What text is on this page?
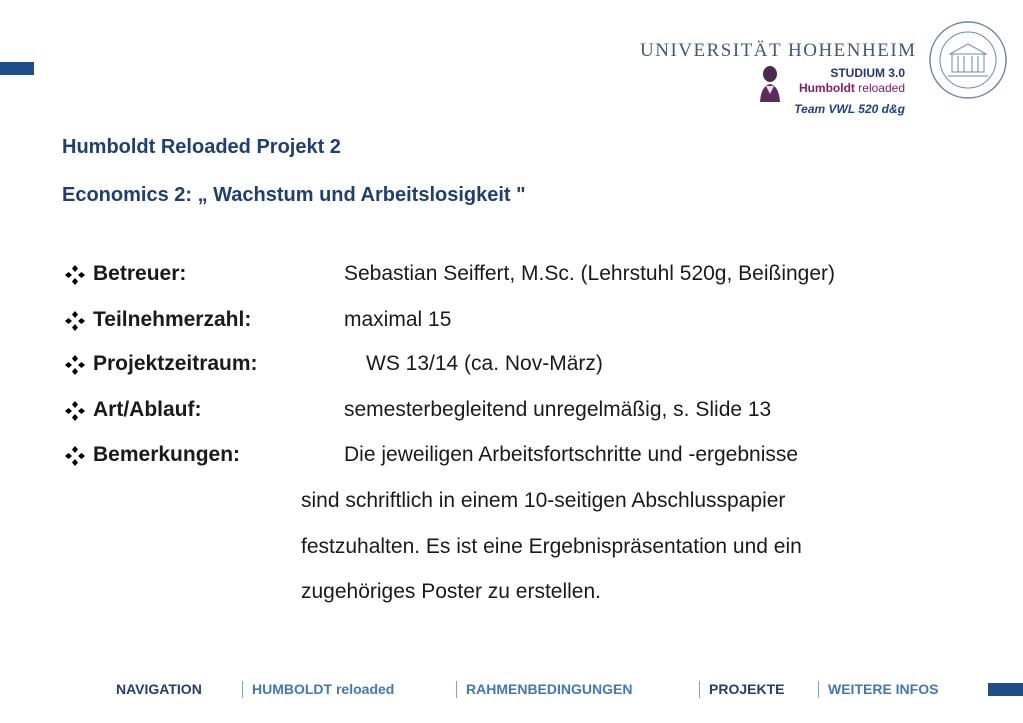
UNIVERSITÄT HOHENHEIM
STUDIUM 3.0
Humboldt reloaded
Team VWL 520 d&g
Humboldt Reloaded Projekt 2
Economics 2: „ Wachstum und Arbeitslosigkeit "
Betreuer:	Sebastian Seiffert, M.Sc. (Lehrstuhl 520g, Beißinger)
Teilnehmerzahl:	maximal 15
Projektzeitraum:	WS 13/14 (ca. Nov-März)
Art/Ablauf:	semesterbegleitend unregelmäßig, s. Slide 13
Bemerkungen:	Die jeweiligen Arbeitsfortschritte und -ergebnisse
sind schriftlich in einem 10-seitigen Abschlusspapier
festzuhalten. Es ist eine Ergebnispräsentation und ein
zugehöriges Poster zu erstellen.
NAVIGATION	HUMBOLDT reloaded	RAHMENBEDINGUNGEN	PROJEKTE	WEITERE INFOS
